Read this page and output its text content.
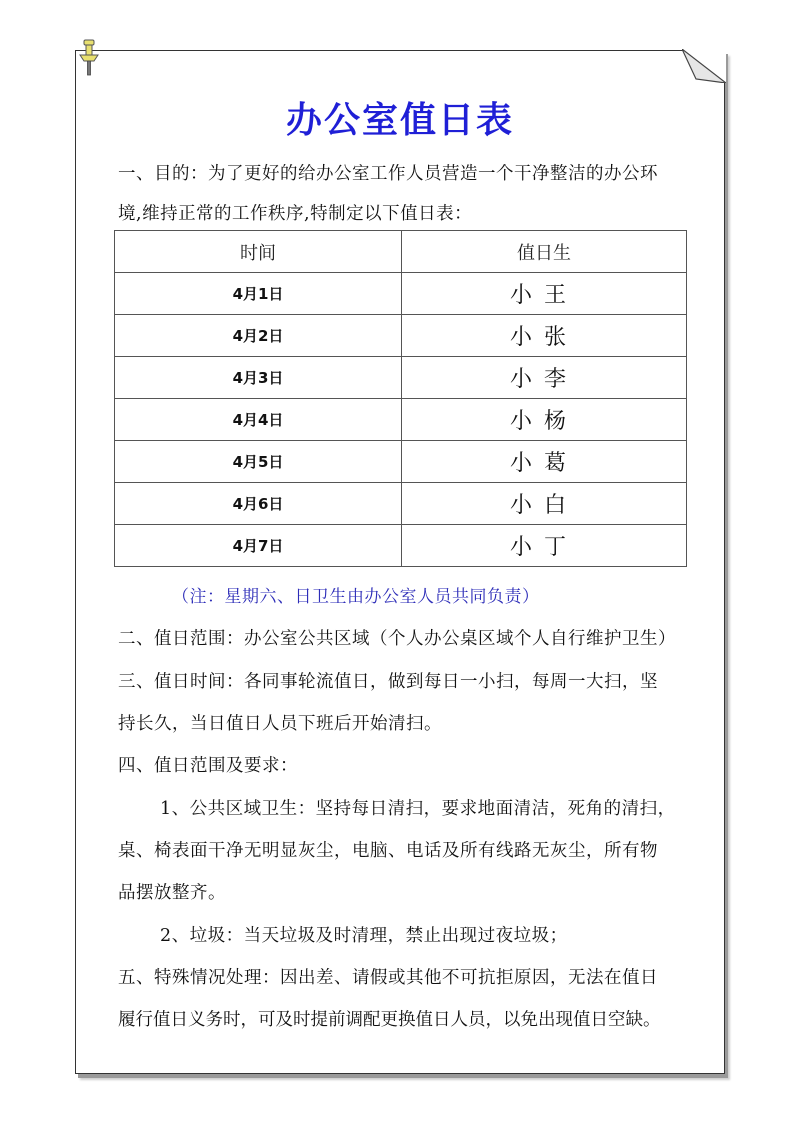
办公室值日表
一、目的：为了更好的给办公室工作人员营造一个干净整洁的办公环
境,维持正常的工作秩序,特制定以下值日表：
时间	值日生
4月1日	小王
4月2日	小张
4月3日	小李
4月4日	小杨
4月5日	小葛
4月6日	小白
4月7日	小丁
（注：星期六、日卫生由办公室人员共同负责）
二、值日范围：办公室公共区域（个人办公桌区域个人自行维护卫生）
三、值日时间：各同事轮流值日，做到每日一小扫，每周一大扫，坚
持长久，当日值日人员下班后开始清扫。
四、值日范围及要求：
1、公共区域卫生：坚持每日清扫，要求地面清洁，死角的清扫，
桌、椅表面干净无明显灰尘，电脑、电话及所有线路无灰尘，所有物
品摆放整齐。
2、垃圾：当天垃圾及时清理，禁止出现过夜垃圾；
五、特殊情况处理：因出差、请假或其他不可抗拒原因，无法在值日
履行值日义务时，可及时提前调配更换值日人员，以免出现值日空缺。
